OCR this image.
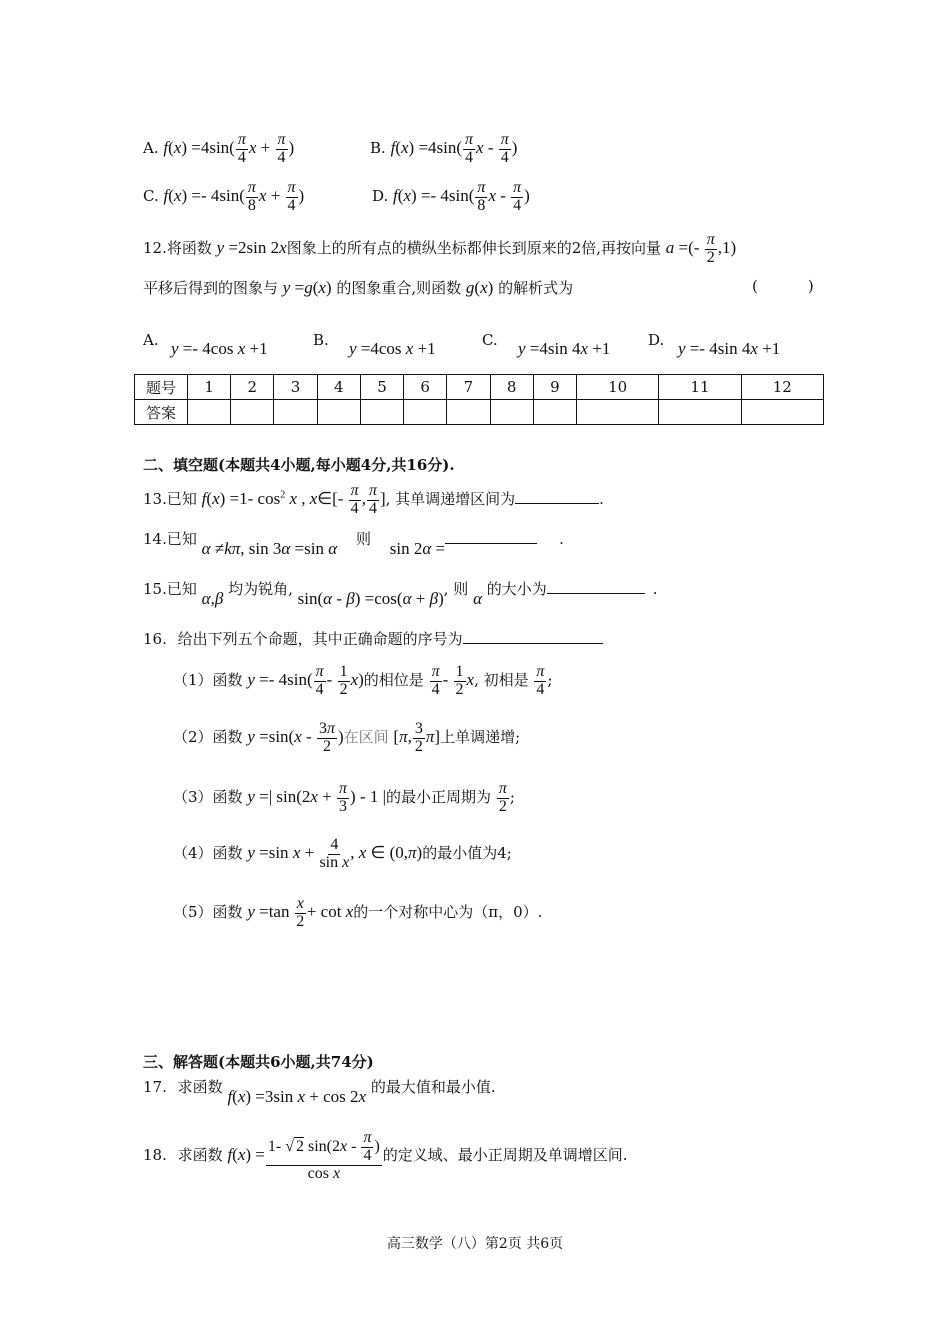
A. $f(x) =4\sin( \frac{\pi}{4}$ $x + \frac{\pi}{4}$ )	B. $f(x) =4\sin( \frac{\pi}{4}$ x - $\frac{\pi}{4}$ )
C. $f(x) =- 4\sin( \frac{\pi}{8}$ $x + \frac{\pi}{4}$ )	D. $f(x) =- 4\sin( \frac{\pi}{8}$ x - $\frac{\pi}{4}$ )
12.将函数 y =2sin 2x图象上的所有点的横纵坐标都伸长到原来的2倍,再按向量 a =(- $\frac{\pi}{2} ,1$)
平移后得到的图象与 y =g(x) 的图象重合,则函数 g(x) 的解析式为	(	)
A. y =- 4cos x +1	B. y =4cos x +1	C. y =4sin 4x +1	D. y =- 4sin 4x +1
题号	1	2	3	4	5	6	7	8	9	10	11	12
答案												
二、填空题(本题共4小题,每小题4分,共16分).
13.已知 f(x) =1- $\cos^2 x$ , x∈[- $\frac{\pi}{4}$ , $\frac{\pi}{4}$ ], 其单调递增区间为	.
14.已知 α ≠kπ, sin 3α =sin α 则 sin 2α =	.
15.已知 α,β 均为锐角, sin(α - β) =cos(α + β), 则 α 的大小为	.
16. 给出下列五个命题，其中正确命题的序号为
（1）函数 $y =- 4\sin( \frac{\pi}{4} - \frac{1}{2} x)$的相位是 $\frac{\pi}{4} - \frac{1}{2} x$, 初相是 $\frac{\pi}{4}$ ;
（2）函数 $y =\sin(x - \frac{3\pi}{2}$ )在区间 [π, $\frac{3}{2} \pi$]上单调递增;
（3）函数 y =| $\sin(2x + \frac{\pi}{3}$ ) - 1 |的最小正周期为 $\frac{\pi}{2}$ ;
（4）函数 y =sin $x + \frac{4}{\text{sin x}}$ , x ∈ (0,π)的最小值为4;
（5）函数 $y =\tan \frac{x}{2} + \cot x$的一个对称中心为（π，0）.
三、解答题(本题共6小题,共74分)
17. 求函数 f(x) =3sin x + cos 2x 的最大值和最小值.
18. 求函数 $f(x) = \frac{1- √ 2 \sin(2x - \frac{\pi}{4} )}{\text{cos x}}$ 的定义域、最小正周期及单调增区间.
高三数学（八）第2页 共6页
